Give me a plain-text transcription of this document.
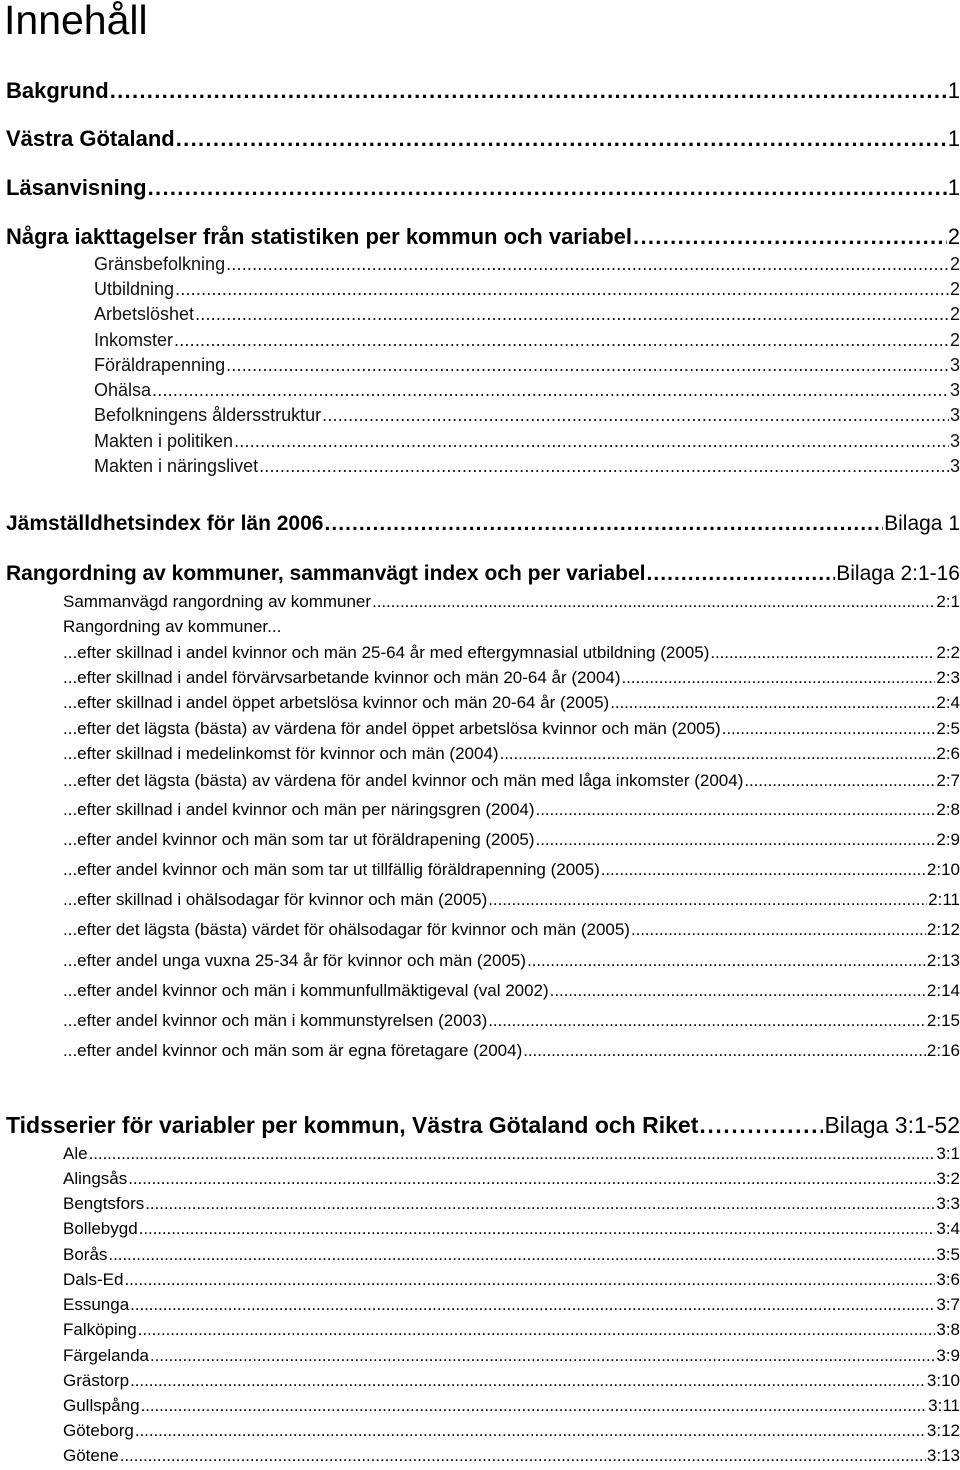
Innehåll
Bakgrund . . .	1
Västra Götaland . . .	1
Läsanvisning . . .	1
Några iakttagelser från statistiken per kommun och variabel . . .	2
Gränsbefolkning . . .	2
Utbildning . . .	2
Arbetslöshet . . .	2
Inkomster . . .	2
Föräldrapenning . . .	3
Ohälsa . . .	3
Befolkningens åldersstruktur . . .	3
Makten i politiken . . .	3
Makten i näringslivet . . .	3
Jämställdhetsindex för län 2006 . . .	Bilaga 1
Rangordning av kommuner, sammanvägt index och per variabel . . .	Bilaga 2:1-16
Sammanvägd rangordning av kommuner . . .	2:1
Rangordning av kommuner...
...efter skillnad i andel kvinnor och män 25-64 år med eftergymnasial utbildning (2005) . . .	2:2
...efter skillnad i andel förvärvsarbetande kvinnor och män 20-64 år (2004) . . .	2:3
...efter skillnad i andel öppet arbetslösa kvinnor och män 20-64 år (2005) . . .	2:4
...efter det lägsta (bästa) av värdena för andel öppet arbetslösa kvinnor och män (2005) . . .	2:5
...efter skillnad i medelinkomst för kvinnor och män (2004) . . .	2:6
...efter det lägsta (bästa) av värdena för andel kvinnor och män med låga inkomster (2004) . . .	2:7
...efter skillnad i andel kvinnor och män per näringsgren (2004) . . .	2:8
...efter andel kvinnor och män som tar ut föräldrapening (2005) . . .	2:9
...efter andel kvinnor och män som tar ut tillfällig föräldrapenning (2005) . . .	2:10
...efter skillnad i ohälsodagar för kvinnor och män (2005) . . .	2:11
...efter det lägsta (bästa) värdet för ohälsodagar för kvinnor och män (2005) . . .	2:12
...efter andel unga vuxna 25-34 år för kvinnor och män (2005) . . .	2:13
...efter andel kvinnor och män i kommunfullmäktigeval (val 2002) . . .	2:14
...efter andel kvinnor och män i kommunstyrelsen (2003) . . .	2:15
...efter andel kvinnor och män som är egna företagare (2004) . . .	2:16
Tidsserier för variabler per kommun, Västra Götaland och Riket . . .	Bilaga 3:1-52
Ale . . .	3:1
Alingsås . . .	3:2
Bengtsfors . . .	3:3
Bollebygd . . .	3:4
Borås . . .	3:5
Dals-Ed . . .	3:6
Essunga . . .	3:7
Falköping . . .	3:8
Färgelanda . . .	3:9
Grästorp . . .	3:10
Gullspång . . .	3:11
Göteborg . . .	3:12
Götene . . .	3:13
